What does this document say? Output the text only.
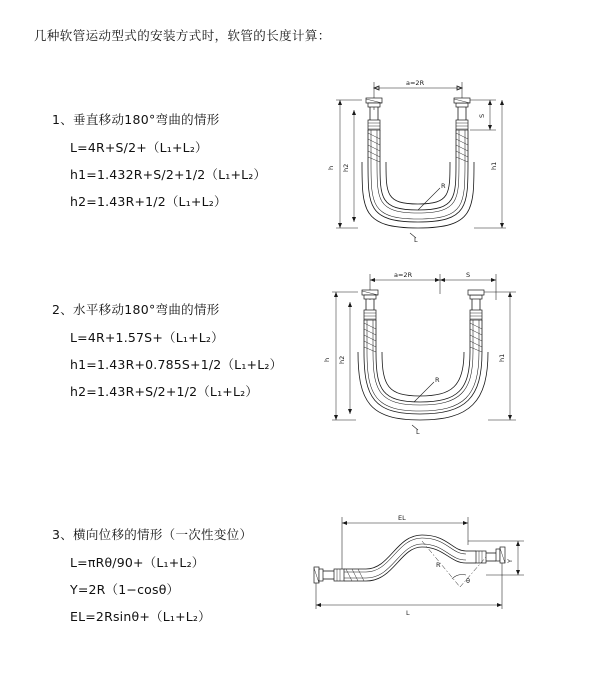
几种软管运动型式的安装方式时，软管的长度计算：
1、垂直移动180°弯曲的情形
L=4R+S/2+（L₁+L₂）
h1=1.432R+S/2+1/2（L₁+L₂）
h2=1.43R+1/2（L₁+L₂）
a=2R
h h2
S
h1
R
L
2、水平移动180°弯曲的情形
L=4R+1.57S+（L₁+L₂）
h1=1.43R+0.785S+1/2（L₁+L₂）
h2=1.43R+S/2+1/2（L₁+L₂）
a=2R	S
h h2	h1
R
L
3、横向位移的情形（一次性变位）
L=πRθ/90+（L₁+L₂）
Y=2R（1−cosθ）
EL=2Rsinθ+（L₁+L₂）
EL
Y
L
θ
R
